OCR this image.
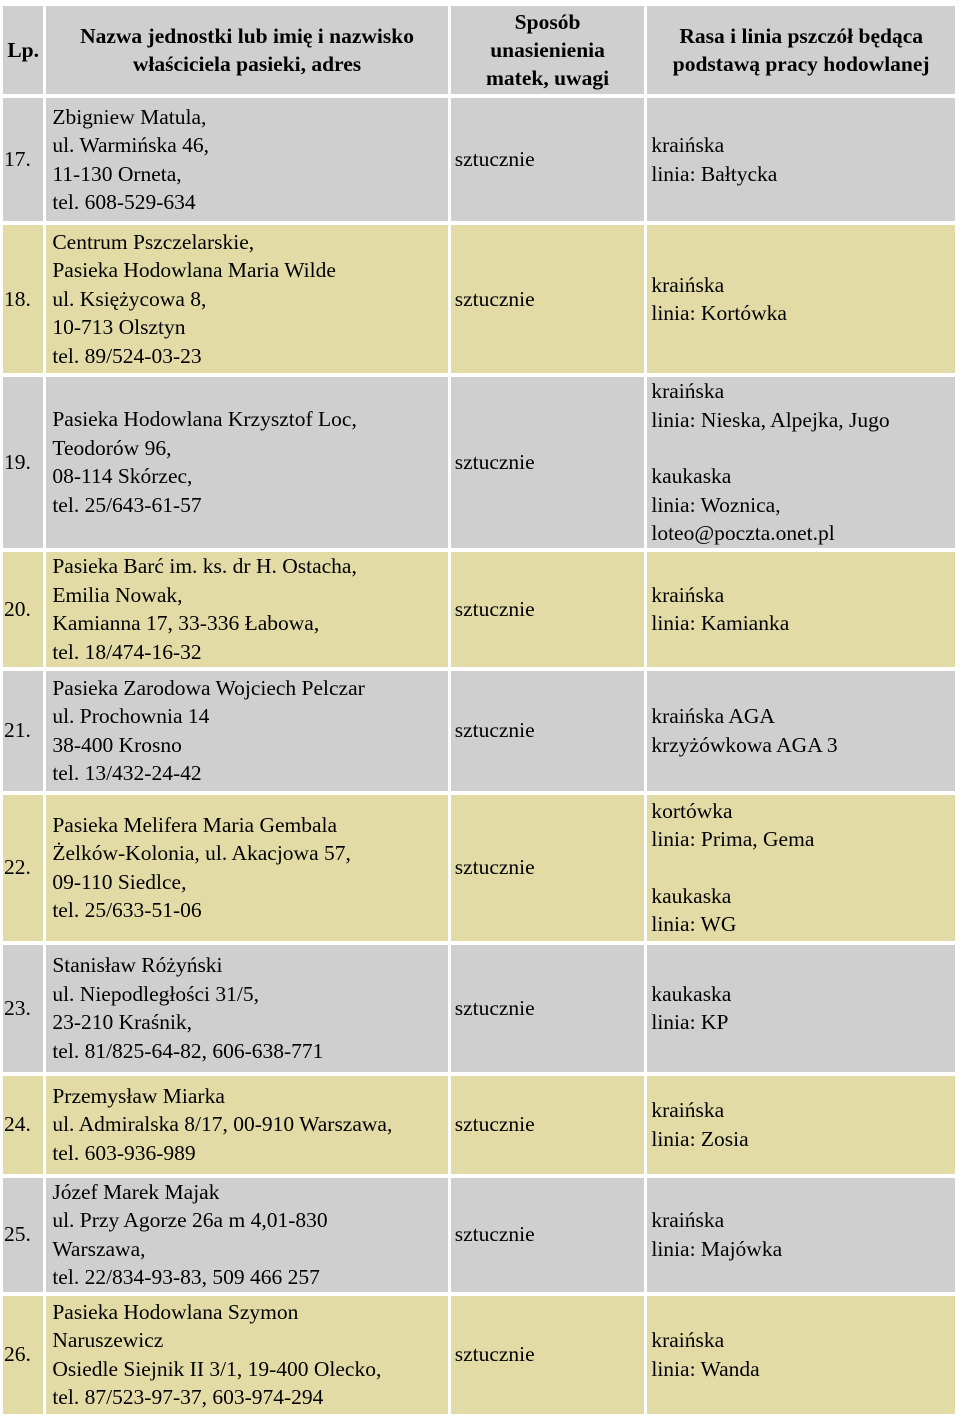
Lp.	Nazwa jednostki lub imię i nazwisko
właściciela pasieki, adres	Sposób
unasienienia
matek, uwagi	Rasa i linia pszczół będąca
podstawą pracy hodowlanej

17.	Zbigniew Matula,
ul. Warmińska 46,
11-130 Orneta,
tel. 608-529-634	sztucznie	kraińska
linia: Bałtycka

18.	Centrum Pszczelarskie,
Pasieka Hodowlana Maria Wilde
ul. Księżycowa 8,
10-713 Olsztyn
tel. 89/524-03-23	sztucznie	kraińska
linia: Kortówka

19.	Pasieka Hodowlana Krzysztof Loc,
Teodorów 96,
08-114 Skórzec,
tel. 25/643-61-57	sztucznie	kraińska
linia: Nieska, Alpejka, Jugo
kaukaska
linia: Woznica,
loteo@poczta.onet.pl

20.	Pasieka Barć im. ks. dr H. Ostacha,
Emilia Nowak,
Kamianna 17, 33-336 Łabowa,
tel. 18/474-16-32	sztucznie	kraińska
linia: Kamianka

21.	Pasieka Zarodowa Wojciech Pelczar
ul. Prochownia 14
38-400 Krosno
tel. 13/432-24-42	sztucznie	kraińska AGA
krzyżówkowa AGA 3

22.	Pasieka Melifera Maria Gembala
Żelków-Kolonia, ul. Akacjowa 57,
09-110 Siedlce,
tel. 25/633-51-06	sztucznie	kortówka
linia: Prima, Gema
kaukaska
linia: WG

23.	Stanisław Różyński
ul. Niepodległości 31/5,
23-210 Kraśnik,
tel. 81/825-64-82, 606-638-771	sztucznie	kaukaska
linia: KP

24.	Przemysław Miarka
ul. Admiralska 8/17, 00-910 Warszawa,
tel. 603-936-989	sztucznie	kraińska
linia: Zosia

25.	Józef Marek Majak
ul. Przy Agorze 26a m 4,01-830
Warszawa,
tel. 22/834-93-83, 509 466 257	sztucznie	kraińska
linia: Majówka

26.	Pasieka Hodowlana Szymon
Naruszewicz
Osiedle Siejnik II 3/1, 19-400 Olecko,
tel. 87/523-97-37, 603-974-294	sztucznie	kraińska
linia: Wanda
